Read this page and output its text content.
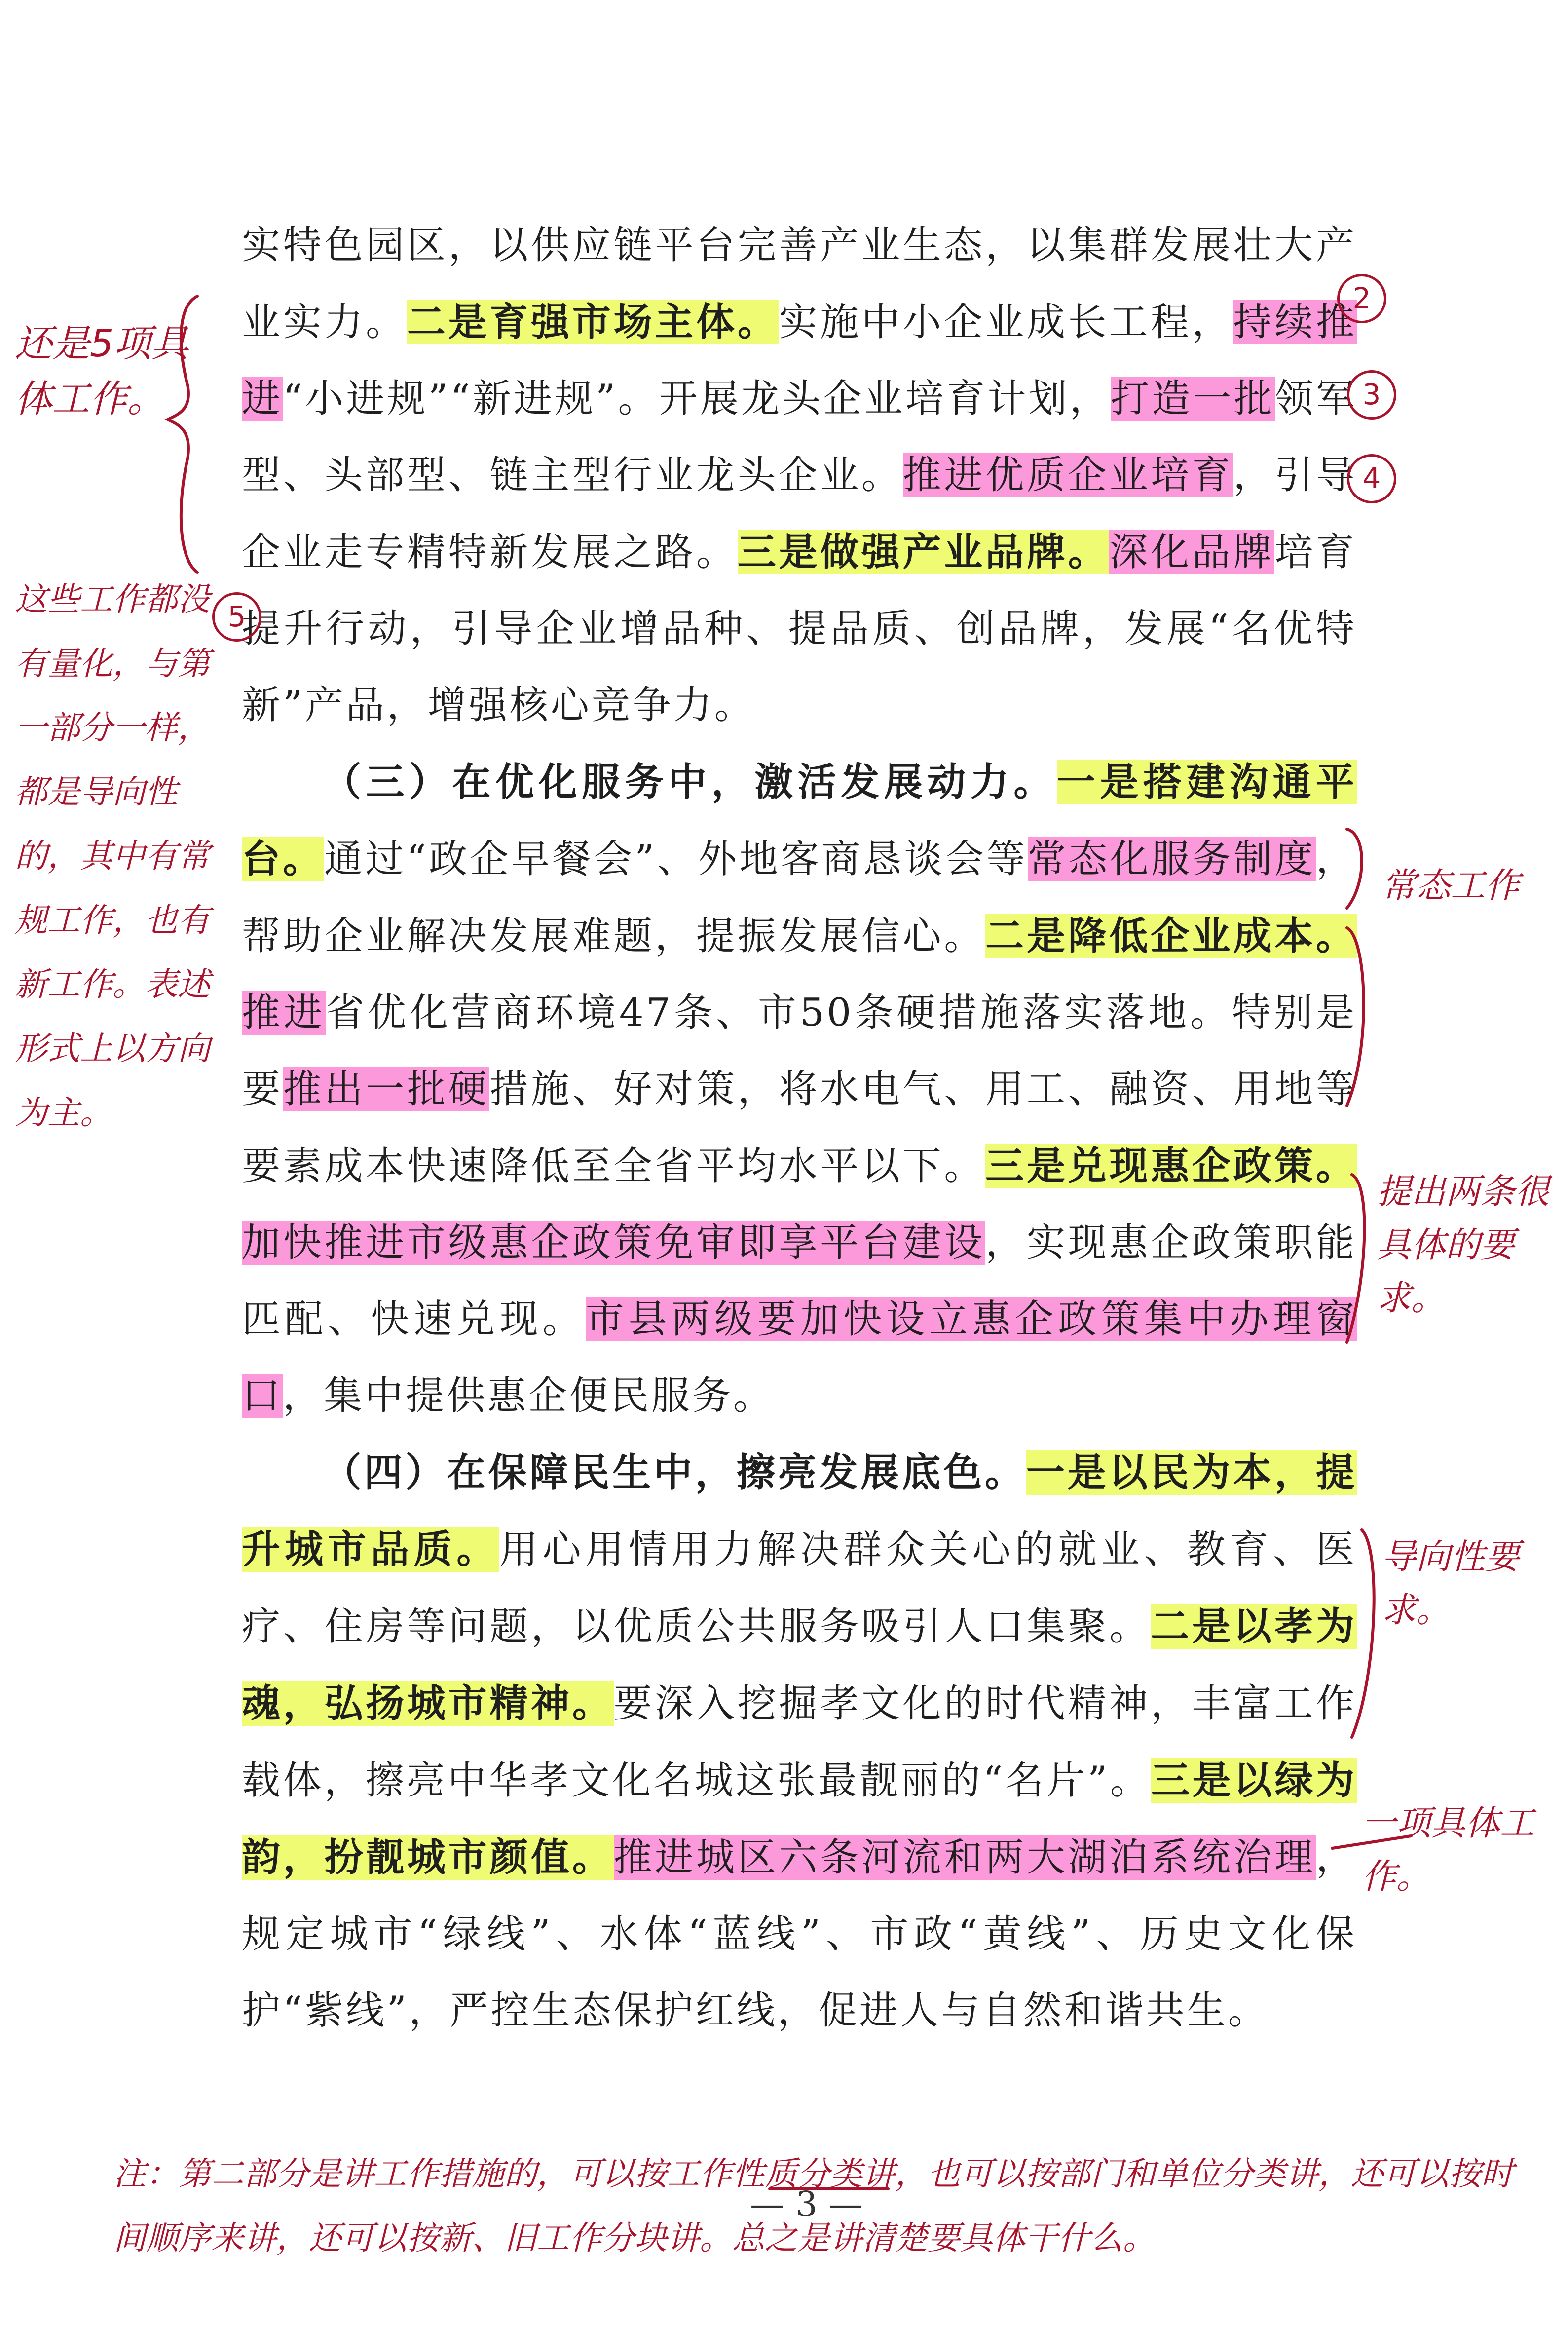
实特色园区，以供应链平台完善产业生态，以集群发展壮大产业实力。二是育强市场主体。实施中小企业成长工程，持续推进“小进规”“新进规”。开展龙头企业培育计划，打造一批领军型、头部型、链主型行业龙头企业。推进优质企业培育，引导企业走专精特新发展之路。三是做强产业品牌。深化品牌培育提升行动，引导企业增品种、提品质、创品牌，发展“名优特新”产品，增强核心竞争力。

（三）在优化服务中，激活发展动力。一是搭建沟通平台。通过“政企早餐会”、外地客商恳谈会等常态化服务制度，帮助企业解决发展难题，提振发展信心。二是降低企业成本。推进省优化营商环境47条、市50条硬措施落实落地。特别是要推出一批硬措施、好对策，将水电气、用工、融资、用地等要素成本快速降低至全省平均水平以下。三是兑现惠企政策。加快推进市级惠企政策免审即享平台建设，实现惠企政策职能匹配、快速兑现。市县两级要加快设立惠企政策集中办理窗口，集中提供惠企便民服务。

（四）在保障民生中，擦亮发展底色。一是以民为本，提升城市品质。用心用情用力解决群众关心的就业、教育、医疗、住房等问题，以优质公共服务吸引人口集聚。二是以孝为魂，弘扬城市精神。要深入挖掘孝文化的时代精神，丰富工作载体，擦亮中华孝文化名城这张最靓丽的“名片”。三是以绿为韵，扮靓城市颜值。推进城区六条河流和两大湖泊系统治理，规定城市“绿线”、水体“蓝线”、市政“黄线”、历史文化保护“紫线”，严控生态保护红线，促进人与自然和谐共生。

— 3 —
还是5项具体工作。
这些工作都没有量化，与第一部分一样，都是导向性的，其中有常规工作，也有新工作。表述形式上以方向为主。
常态工作
提出两条很具体的要求。
导向性要求。
一项具体工作。
注：第二部分是讲工作措施的，可以按工作性质分类讲，也可以按部门和单位分类讲，还可以按时间顺序来讲，还可以按新、旧工作分块讲。总之是讲清楚要具体干什么。
2
3
4
5
